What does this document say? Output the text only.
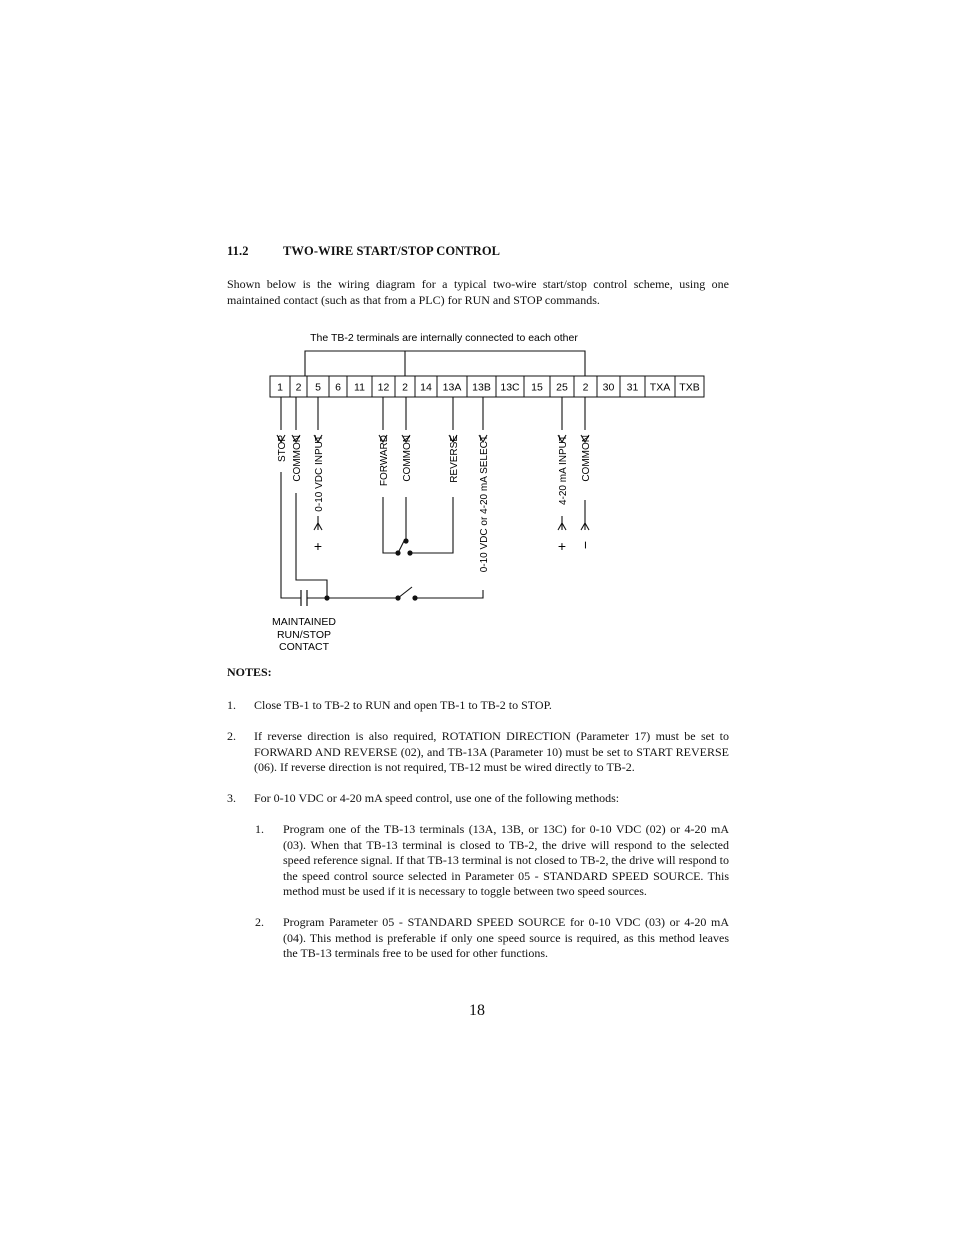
11.2	TWO-WIRE START/STOP CONTROL
Shown below is the wiring diagram for a typical two-wire start/stop control scheme, using one maintained contact (such as that from a PLC) for RUN and STOP commands.
The TB-2 terminals are internally connected to each other
1 2 5 6 11 12 2 14 13A 13B 13C 15 25 2 30 31 TXA TXB
STOP COMMON 0-10 VDC INPUT	FORWARD COMMON	REVERSE 0-10 VDC or 4-20 mA SELECT	4-20 mA INPUT COMMON
+	+ −
MAINTAINED
RUN/STOP
CONTACT
NOTES:
1. Close TB-1 to TB-2 to RUN and open TB-1 to TB-2 to STOP.
2. If reverse direction is also required, ROTATION DIRECTION (Parameter 17) must be set to FORWARD AND REVERSE (02), and TB-13A (Parameter 10) must be set to START REVERSE (06). If reverse direction is not required, TB-12 must be wired directly to TB-2.
3. For 0-10 VDC or 4-20 mA speed control, use one of the following methods:
1. Program one of the TB-13 terminals (13A, 13B, or 13C) for 0-10 VDC (02) or 4-20 mA (03). When that TB-13 terminal is closed to TB-2, the drive will respond to the selected speed reference signal. If that TB-13 terminal is not closed to TB-2, the drive will respond to the speed control source selected in Parameter 05 - STANDARD SPEED SOURCE. This method must be used if it is necessary to toggle between two speed sources.
2. Program Parameter 05 - STANDARD SPEED SOURCE for 0-10 VDC (03) or 4-20 mA (04). This method is preferable if only one speed source is required, as this method leaves the TB-13 terminals free to be used for other functions.
18
